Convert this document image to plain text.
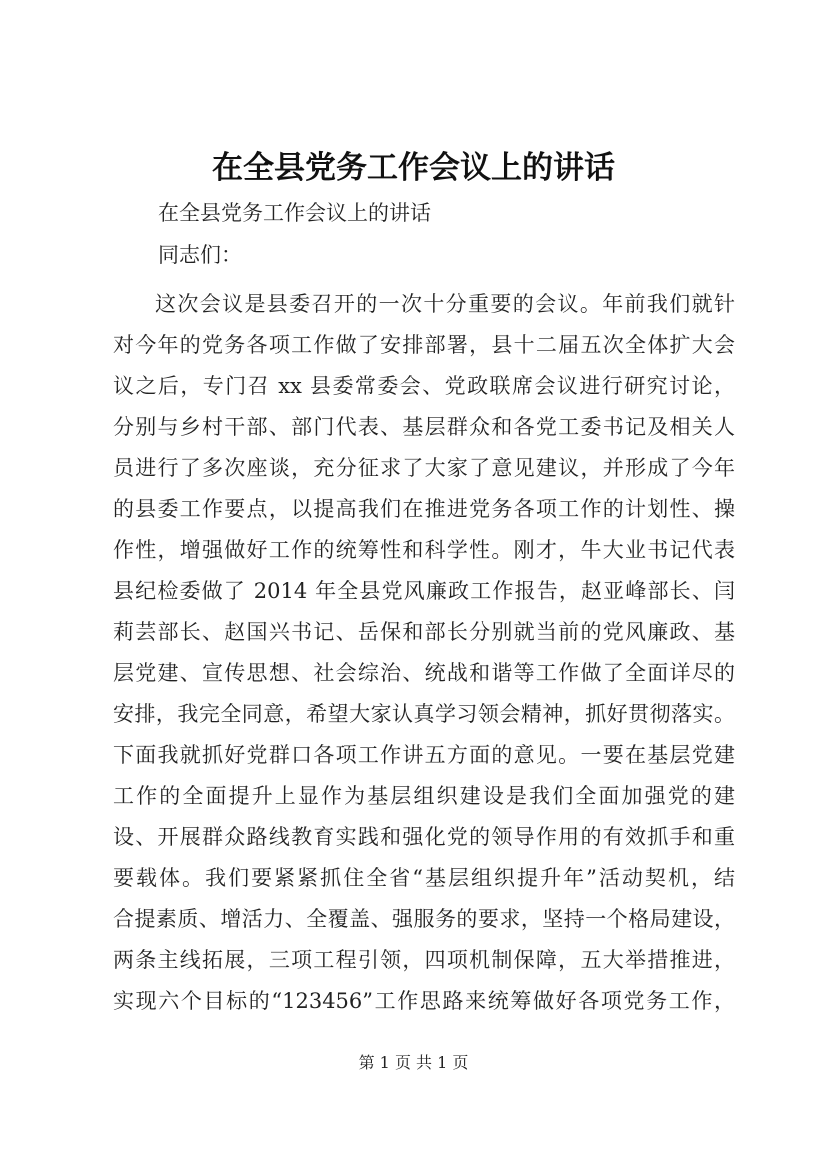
在全县党务工作会议上的讲话

在全县党务工作会议上的讲话

同志们：

这次会议是县委召开的一次十分重要的会议。年前我们就针
对今年的党务各项工作做了安排部署，县十二届五次全体扩大会
议之后，专门召 xx 县委常委会、党政联席会议进行研究讨论，
分别与乡村干部、部门代表、基层群众和各党工委书记及相关人
员进行了多次座谈，充分征求了大家了意见建议，并形成了今年
的县委工作要点，以提高我们在推进党务各项工作的计划性、操
作性，增强做好工作的统筹性和科学性。刚才，牛大业书记代表
县纪检委做了 2014 年全县党风廉政工作报告，赵亚峰部长、闫
莉芸部长、赵国兴书记、岳保和部长分别就当前的党风廉政、基
层党建、宣传思想、社会综治、统战和谐等工作做了全面详尽的
安排，我完全同意，希望大家认真学习领会精神，抓好贯彻落实。
下面我就抓好党群口各项工作讲五方面的意见。一要在基层党建
工作的全面提升上显作为基层组织建设是我们全面加强党的建
设、开展群众路线教育实践和强化党的领导作用的有效抓手和重
要载体。我们要紧紧抓住全省“基层组织提升年”活动契机，结
合提素质、增活力、全覆盖、强服务的要求，坚持一个格局建设，
两条主线拓展，三项工程引领，四项机制保障，五大举措推进，
实现六个目标的“123456”工作思路来统筹做好各项党务工作，
第 1 页 共 1 页
